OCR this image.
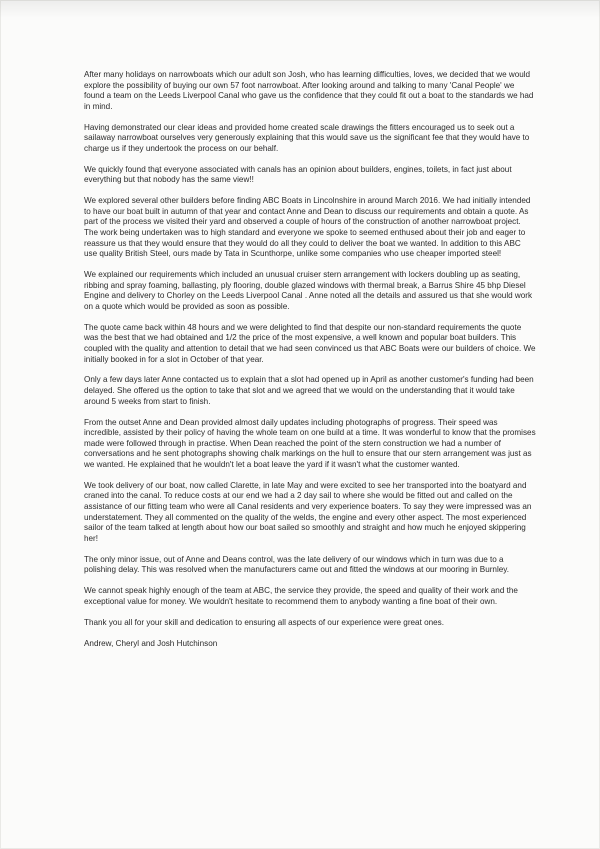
After many holidays on narrowboats which our adult son Josh, who has learning difficulties, loves, we decided that we would explore the possibility of buying our own 57 foot narrowboat. After looking around and talking to many 'Canal People' we found a team on the Leeds Liverpool Canal who gave us the confidence that they could fit out a boat to the standards we had in mind.

Having demonstrated our clear ideas and provided home created scale drawings the fitters encouraged us to seek out a sailaway narrowboat ourselves very generously explaining that this would save us the significant fee that they would have to charge us if they undertook the process on our behalf.

We quickly found that everyone associated with canals has an opinion about builders, engines, toilets, in fact just about everything but that nobody has the same view!!

We explored several other builders before finding ABC Boats in Lincolnshire in around March 2016. We had initially intended to have our boat built in autumn of that year and contact Anne and Dean to discuss our requirements and obtain a quote. As part of the process we visited their yard and observed a couple of hours of the construction of another narrowboat project. The work being undertaken was to high standard and everyone we spoke to seemed enthused about their job and eager to reassure us that they would ensure that they would do all they could to deliver the boat we wanted. In addition to this ABC use quality British Steel, ours made by Tata in Scunthorpe, unlike some companies who use cheaper imported steel!

We explained our requirements which included an unusual cruiser stern arrangement with lockers doubling up as seating, ribbing and spray foaming, ballasting, ply flooring, double glazed windows with thermal break, a Barrus Shire 45 bhp Diesel Engine and delivery to Chorley on the Leeds Liverpool Canal . Anne noted all the details and assured us that she would work on a quote which would be provided as soon as possible.

The quote came back within 48 hours and we were delighted to find that despite our non-standard requirements the quote was the best that we had obtained and 1/2 the price of the most expensive, a well known and popular boat builders. This coupled with the quality and attention to detail that we had seen convinced us that ABC Boats were our builders of choice. We initially booked in for a slot in October of that year.

Only a few days later Anne contacted us to explain that a slot had opened up in April as another customer's funding had been delayed. She offered us the option to take that slot and we agreed that we would on the understanding that it would take around 5 weeks from start to finish.

From the outset Anne and Dean provided almost daily updates including photographs of progress. Their speed was incredible, assisted by their policy of having the whole team on one build at a time. It was wonderful to know that the promises made were followed through in practise. When Dean reached the point of the stern construction we had a number of conversations and he sent photographs showing chalk markings on the hull to ensure that our stern arrangement was just as we wanted. He explained that he wouldn't let a boat leave the yard if it wasn't what the customer wanted.

We took delivery of our boat, now called Clarette, in late May and were excited to see her transported into the boatyard and craned into the canal. To reduce costs at our end we had a 2 day sail to where she would be fitted out and called on the assistance of our fitting team who were all Canal residents and very experience boaters. To say they were impressed was an understatement. They all commented on the quality of the welds, the engine and every other aspect. The most experienced sailor of the team talked at length about how our boat sailed so smoothly and straight and how much he enjoyed skippering her!

The only minor issue, out of Anne and Deans control, was the late delivery of our windows which in turn was due to a polishing delay. This was resolved when the manufacturers came out and fitted the windows at our mooring in Burnley.

We cannot speak highly enough of the team at ABC, the service they provide, the speed and quality of their work and the exceptional value for money. We wouldn't hesitate to recommend them to anybody wanting a fine boat of their own.

Thank you all for your skill and dedication to ensuring all aspects of our experience were great ones.

Andrew, Cheryl and Josh Hutchinson
